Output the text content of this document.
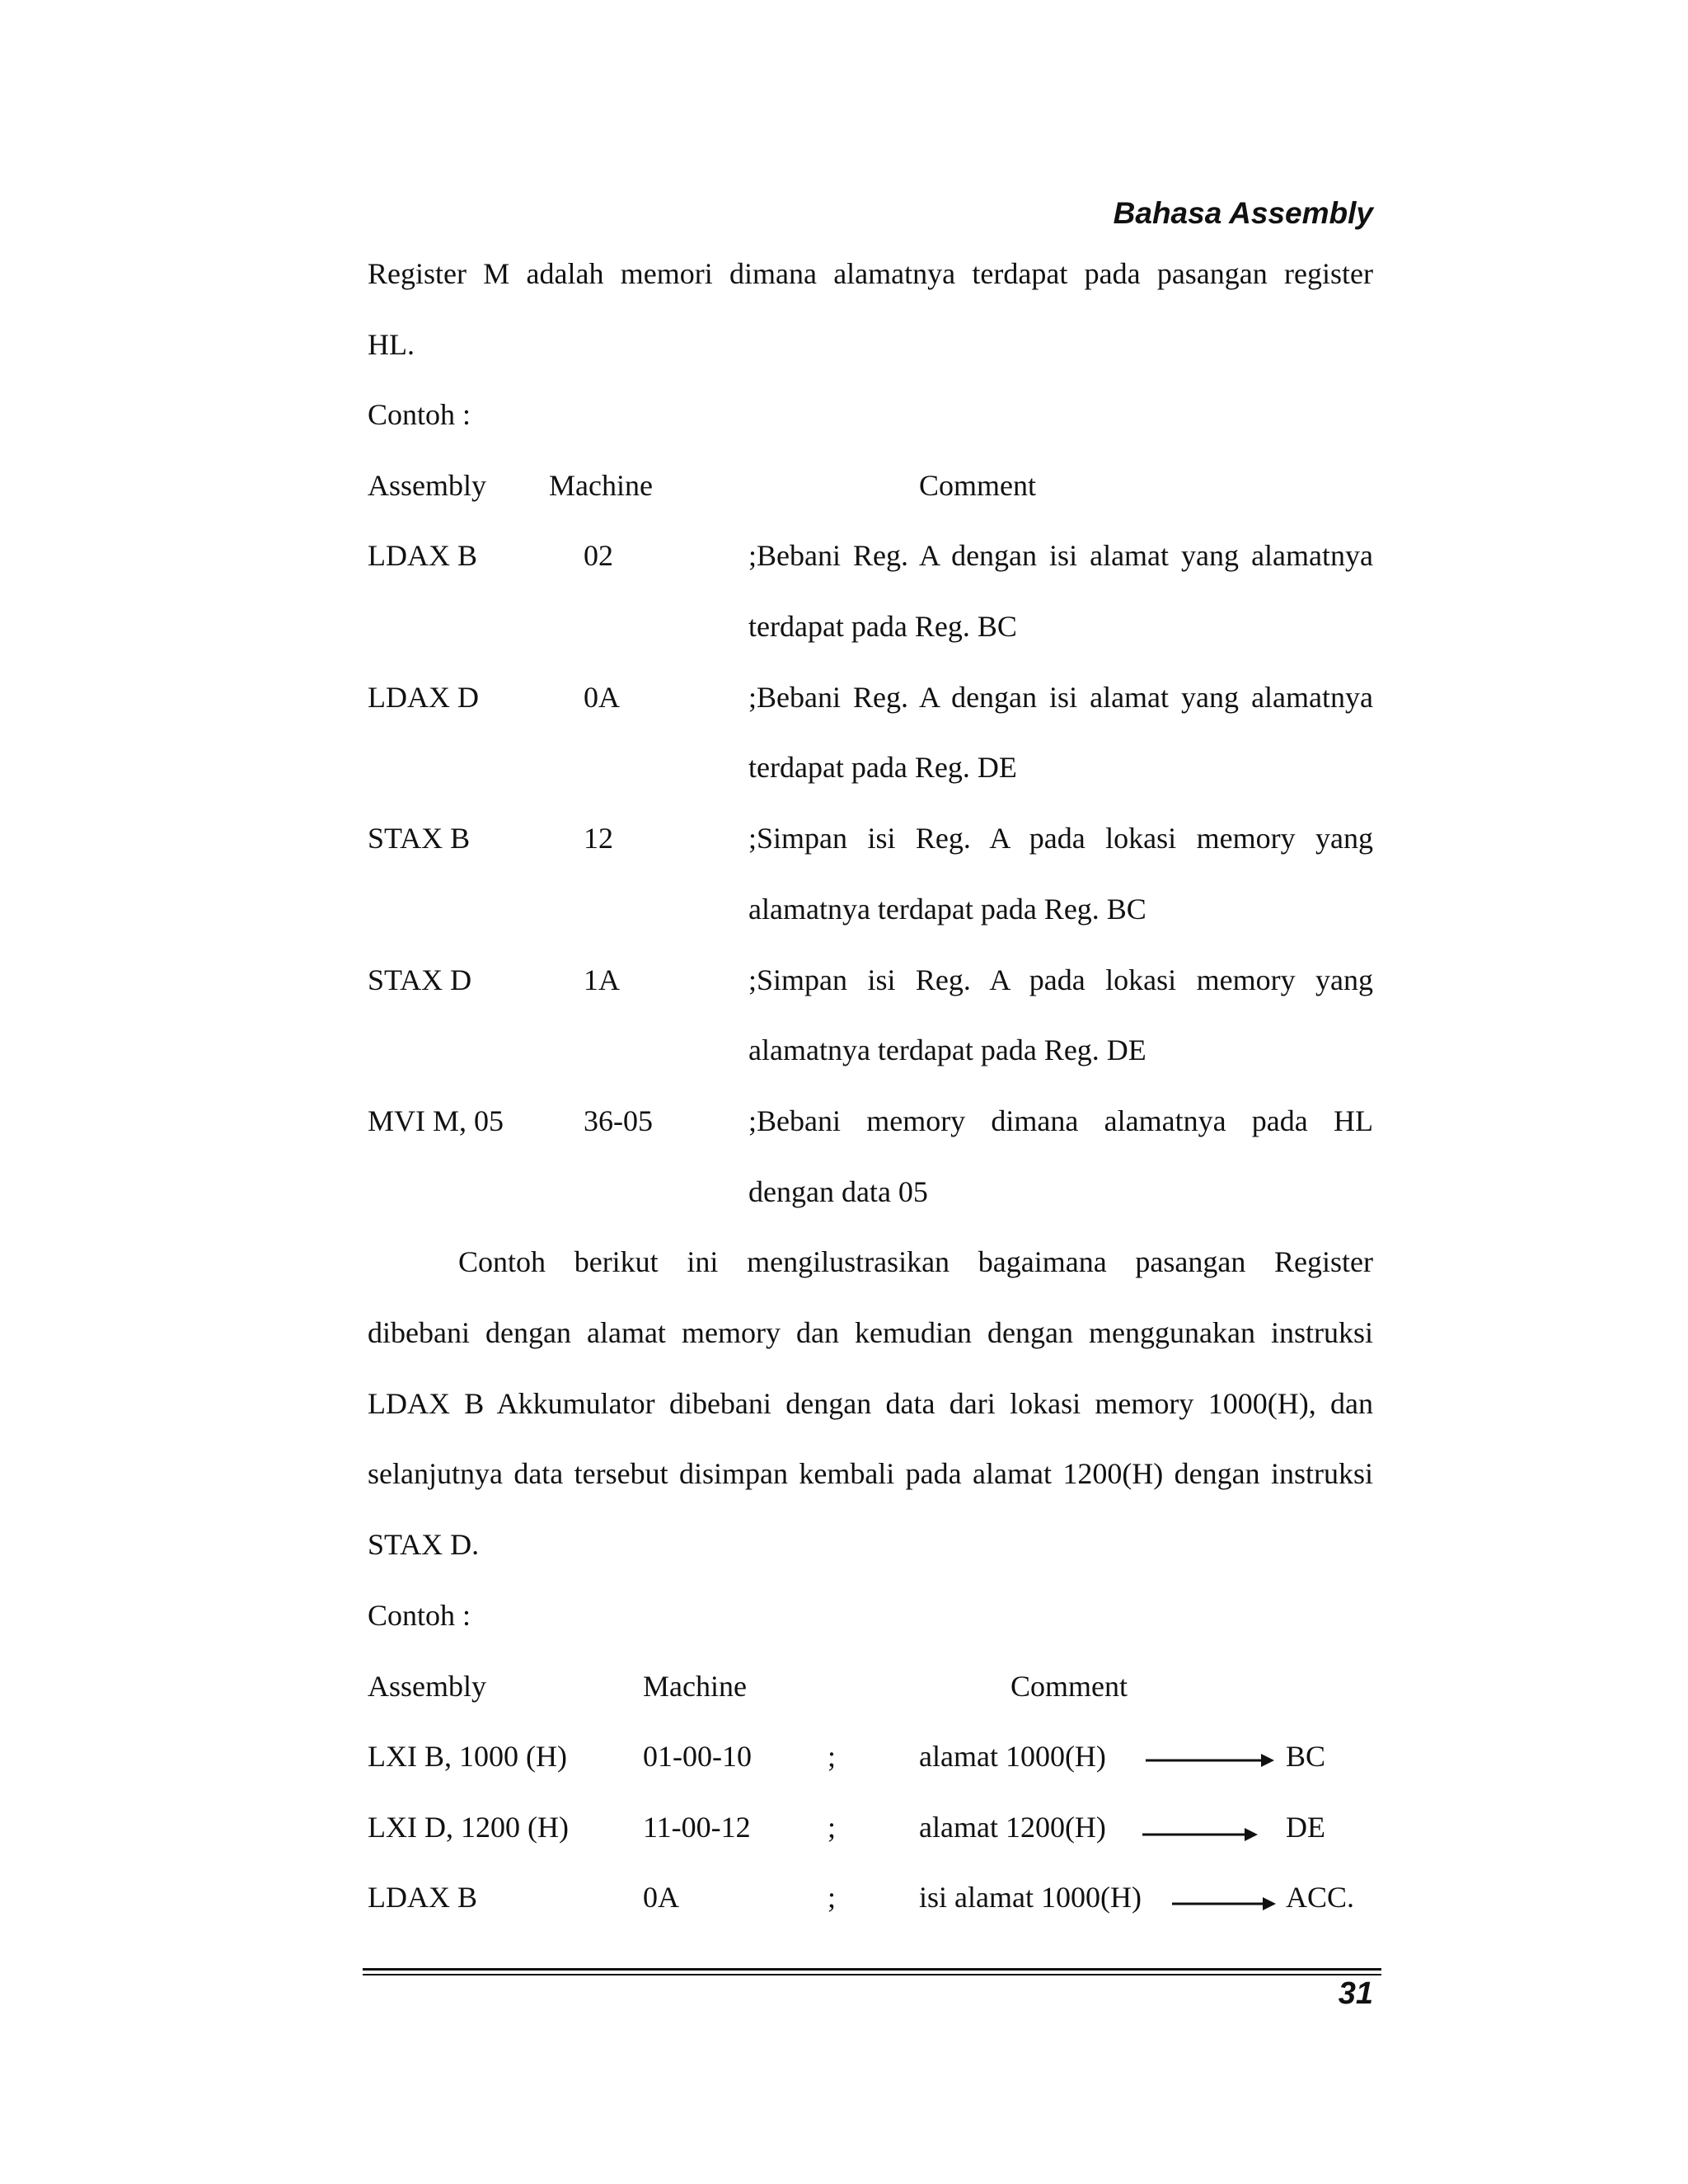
Bahasa Assembly
Register M adalah memori dimana alamatnya terdapat pada pasangan register
HL.
Contoh :
Assembly Machine	Comment
LDAX B	02	;Bebani Reg. A dengan isi alamat yang alamatnya
terdapat pada Reg. BC
LDAX D	0A	;Bebani Reg. A dengan isi alamat yang alamatnya
terdapat pada Reg. DE
STAX B	12	;Simpan isi Reg. A pada lokasi memory yang
alamatnya terdapat pada Reg. BC
STAX D	1A	;Simpan isi Reg. A pada lokasi memory yang
alamatnya terdapat pada Reg. DE
MVI M, 05	36-05	;Bebani memory dimana alamatnya pada HL
dengan data 05
Contoh berikut ini mengilustrasikan bagaimana pasangan Register
dibebani dengan alamat memory dan kemudian dengan menggunakan instruksi
LDAX B Akkumulator dibebani dengan data dari lokasi memory 1000(H), dan
selanjutnya data tersebut disimpan kembali pada alamat 1200(H) dengan instruksi
STAX D.
Contoh :
Assembly	Machine	Comment
LXI B, 1000 (H)	01-00-10	;	alamat 1000(H)	BC
LXI D, 1200 (H)	11-00-12	;	alamat 1200(H)	DE
LDAX B	0A	;	isi alamat 1000(H)	ACC.
31
